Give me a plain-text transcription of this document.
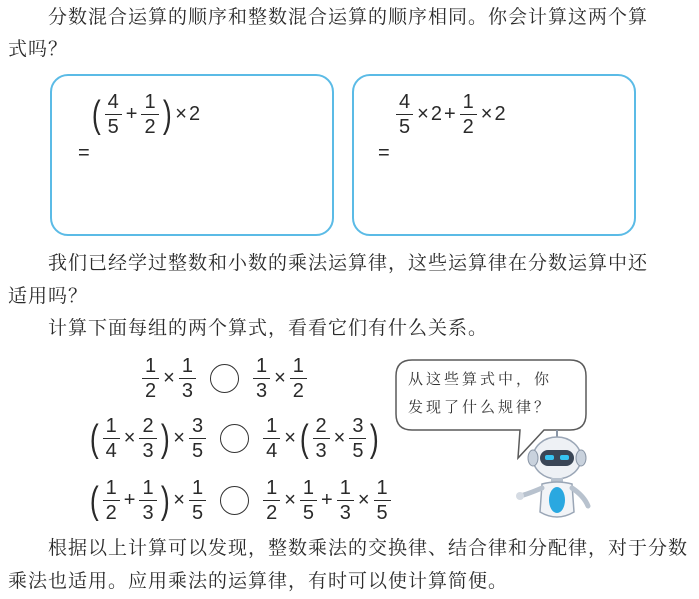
分数混合运算的顺序和整数混合运算的顺序相同。你会计算这两个算
式吗？
( $\frac{4}{5} + \frac{1}{2}$ ) × 2
=
$\frac{4}{5} \times 2 + \frac{1}{2} \times 2$
=
我们已经学过整数和小数的乘法运算律，这些运算律在分数运算中还
适用吗？
计算下面每组的两个算式，看看它们有什么关系。
$\frac{1}{2} \times \frac{1}{3}$	$\frac{1}{3} \times \frac{1}{2}$
( $\frac{1}{4} \times \frac{2}{3}$ ) × $\frac{3}{5}$	$\frac{1}{4}$ × ( $\frac{2}{3} \times \frac{3}{5}$ )
( $\frac{1}{2} + \frac{1}{3}$ ) × $\frac{1}{5}$	$\frac{1}{2} \times \frac{1}{5} + \frac{1}{3} \times \frac{1}{5}$
从这些算式中，你
发现了什么规律？
根据以上计算可以发现，整数乘法的交换律、结合律和分配律，对于分数
乘法也适用。应用乘法的运算律，有时可以使计算简便。
